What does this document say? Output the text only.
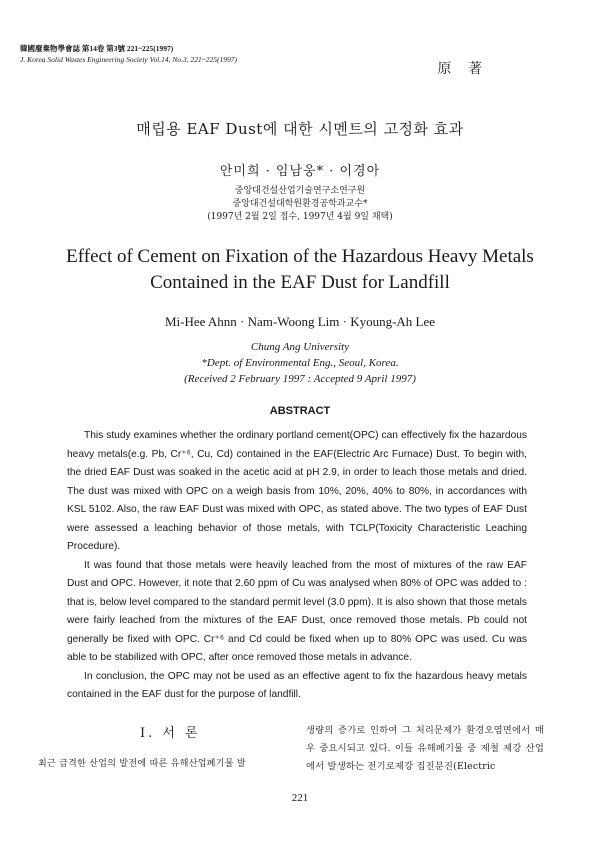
韓國廢棄物學會誌 第14卷 第3號 221~225(1997)
J. Korea Solid Wastes Engineering Society Vol.14, No.3, 221~225(1997)
原 著
매립용 EAF Dust에 대한 시멘트의 고정화 효과
안미희 · 임남웅* · 이경아
중앙대건설산업기술연구소연구원
중앙대건설대학원환경공학과교수*
(1997년 2월 2일 접수, 1997년 4월 9일 채택)
Effect of Cement on Fixation of the Hazardous Heavy Metals
Contained in the EAF Dust for Landfill
Mi-Hee Ahnn · Nam-Woong Lim · Kyoung-Ah Lee
Chung Ang University
*Dept. of Environmental Eng., Seoul, Korea.
(Received 2 February 1997 : Accepted 9 April 1997)
ABSTRACT

This study examines whether the ordinary portland cement(OPC) can effectively fix the hazardous heavy metals(e.g. Pb, Cr⁺⁶, Cu, Cd) contained in the EAF(Electric Arc Furnace) Dust. To begin with, the dried EAF Dust was soaked in the acetic acid at pH 2.9, in order to leach those metals and dried. The dust was mixed with OPC on a weigh basis from 10%, 20%, 40% to 80%, in accordances with KSL 5102. Also, the raw EAF Dust was mixed with OPC, as stated above. The two types of EAF Dust were assessed a leaching behavior of those metals, with TCLP(Toxicity Characteristic Leaching Procedure).

It was found that those metals were heavily leached from the most of mixtures of the raw EAF Dust and OPC. However, it note that 2.60 ppm of Cu was analysed when 80% of OPC was added to : that is, below level compared to the standard permit level (3.0 ppm). It is also shown that those metals were fairly leached from the mixtures of the EAF Dust, once removed those metals. Pb could not generally be fixed with OPC. Cr⁺⁶ and Cd could be fixed when up to 80% OPC was used. Cu was able to be stabilized with OPC, after once removed those metals in advance.

In conclusion, the OPC may not be used as an effective agent to fix the hazardous heavy metals contained in the EAF dust for the purpose of landfill.

Ⅰ. 서 론
최근 급격한 산업의 발전에 따른 유해산업폐기물 발
생량의 증가로 인하여 그 처리문제가 환경오염면에서 매우 중요시되고 있다. 이들 유해폐기물 중 제철 제강 산업에서 발생하는 전기로제강 집진분진(Electric
221
